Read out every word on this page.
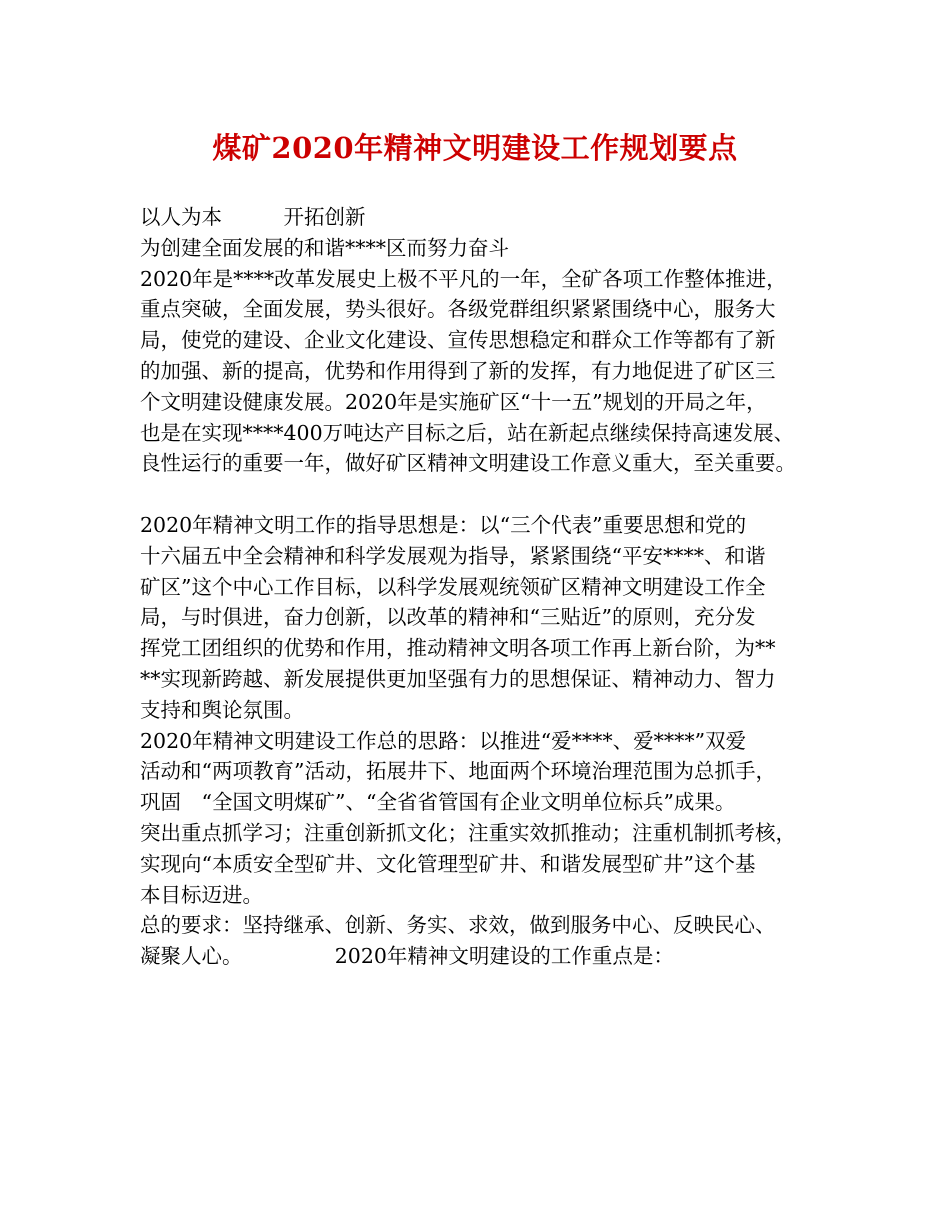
煤矿2020年精神文明建设工作规划要点

以人为本　　　开拓创新

为创建全面发展的和谐****区而努力奋斗

2020年是****改革发展史上极不平凡的一年，全矿各项工作整体推进，

重点突破，全面发展，势头很好。各级党群组织紧紧围绕中心，服务大

局，使党的建设、企业文化建设、宣传思想稳定和群众工作等都有了新

的加强、新的提高，优势和作用得到了新的发挥，有力地促进了矿区三

个文明建设健康发展。2020年是实施矿区“十一五”规划的开局之年，

也是在实现****400万吨达产目标之后，站在新起点继续保持高速发展、

良性运行的重要一年，做好矿区精神文明建设工作意义重大，至关重要。

2020年精神文明工作的指导思想是：以“三个代表”重要思想和党的

十六届五中全会精神和科学发展观为指导，紧紧围绕“平安****、和谐

矿区”这个中心工作目标，以科学发展观统领矿区精神文明建设工作全

局，与时俱进，奋力创新，以改革的精神和“三贴近”的原则，充分发

挥党工团组织的优势和作用，推动精神文明各项工作再上新台阶，为**

**实现新跨越、新发展提供更加坚强有力的思想保证、精神动力、智力

支持和舆论氛围。

2020年精神文明建设工作总的思路：以推进“爱****、爱****”双爱

活动和“两项教育”活动，拓展井下、地面两个环境治理范围为总抓手，

巩固　“全国文明煤矿”、“全省省管国有企业文明单位标兵”成果。

突出重点抓学习；注重创新抓文化；注重实效抓推动；注重机制抓考核，

实现向“本质安全型矿井、文化管理型矿井、和谐发展型矿井”这个基

本目标迈进。

总的要求：坚持继承、创新、务实、求效，做到服务中心、反映民心、

凝聚人心。　　　　　2020年精神文明建设的工作重点是：
